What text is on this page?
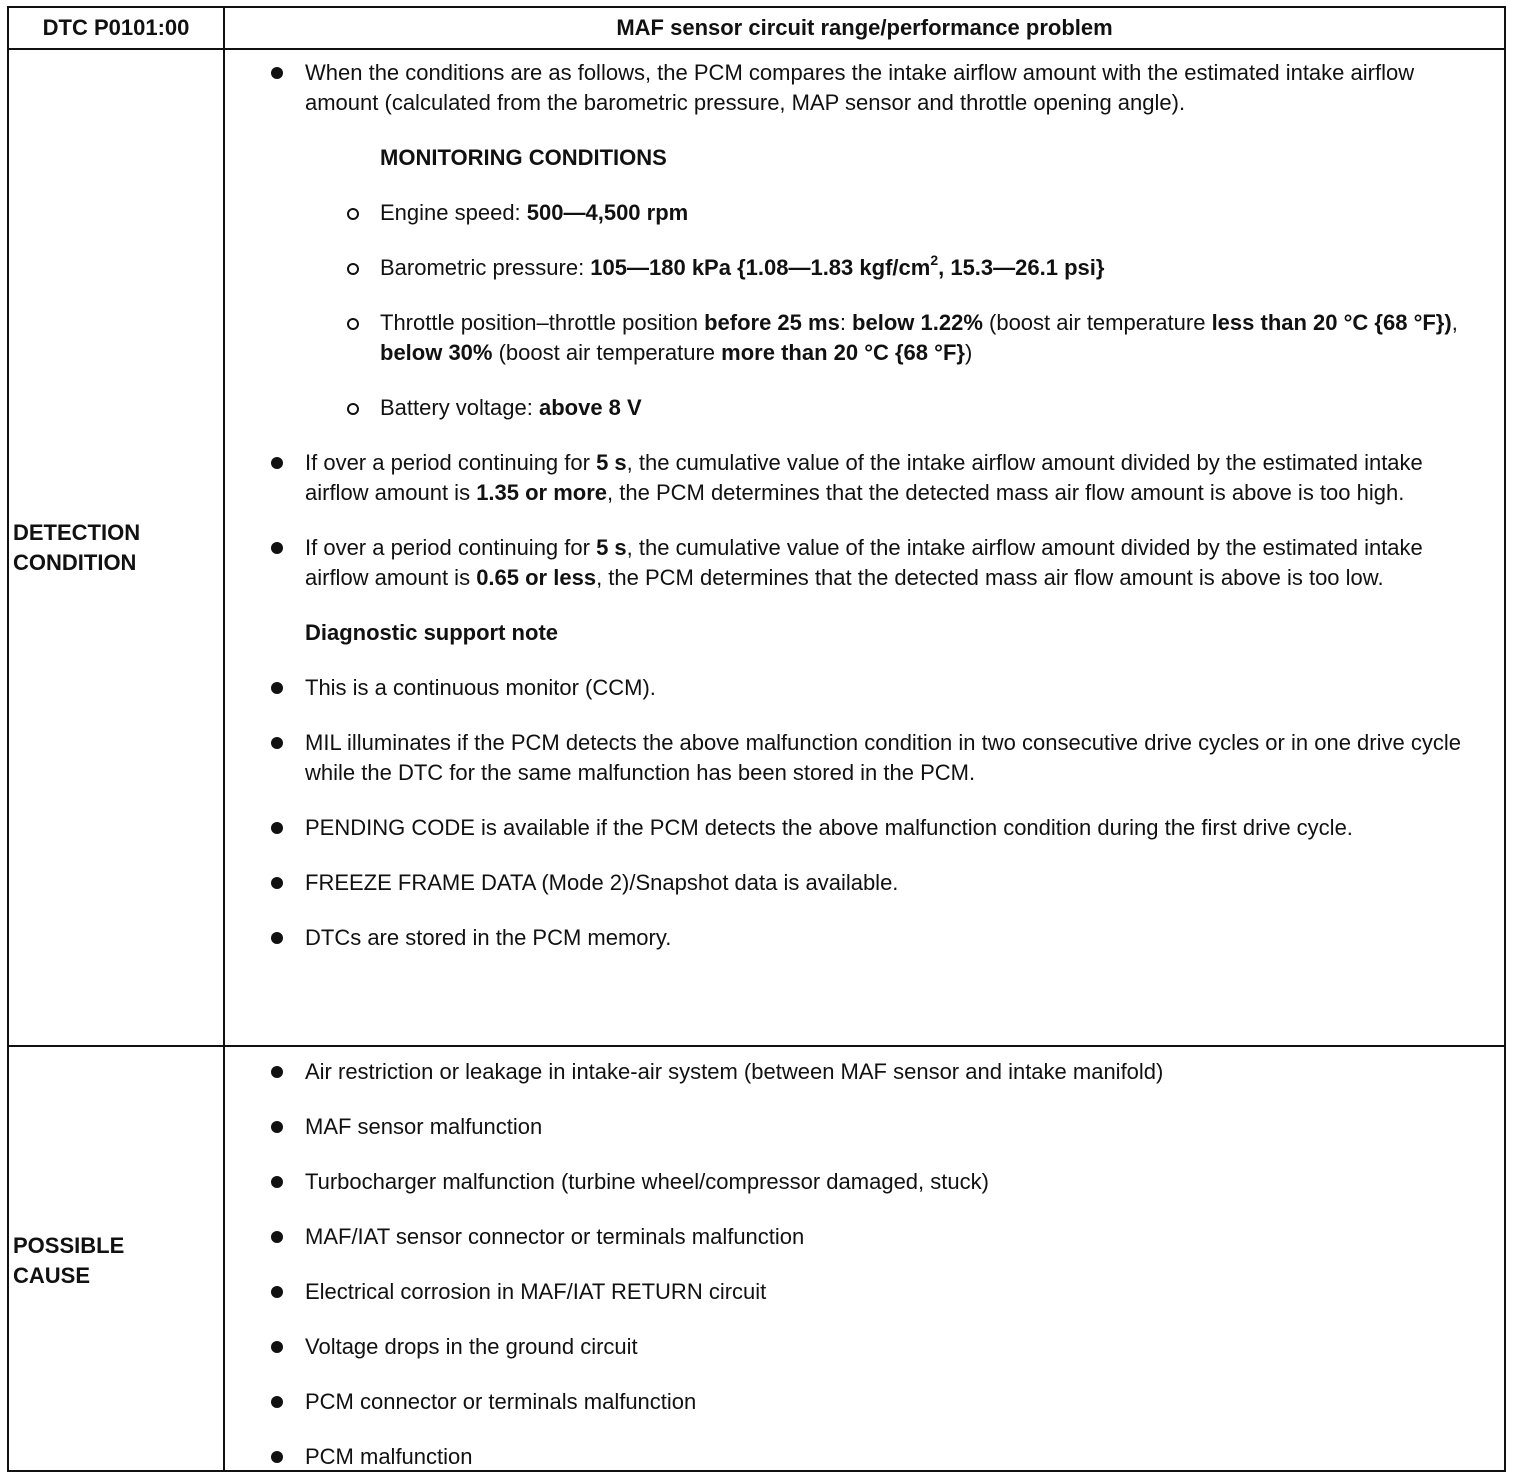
DTC P0101:00	MAF sensor circuit range/performance problem
DETECTION
CONDITION
POSSIBLE
CAUSE
When the conditions are as follows, the PCM compares the intake airflow amount with the estimated intake airflow amount (calculated from the barometric pressure, MAP sensor and throttle opening angle).
MONITORING CONDITIONS
Engine speed: 500—4,500 rpm
Barometric pressure: 105—180 kPa {1.08—1.83 kgf/$cm^2$, 15.3—26.1 psi}
Throttle position–throttle position before 25 ms: below 1.22% (boost air temperature less than 20 °C {68 °F}), below 30% (boost air temperature more than 20 °C {68 °F})
Battery voltage: above 8 V
If over a period continuing for 5 s, the cumulative value of the intake airflow amount divided by the estimated intake airflow amount is 1.35 or more, the PCM determines that the detected mass air flow amount is above is too high.
If over a period continuing for 5 s, the cumulative value of the intake airflow amount divided by the estimated intake airflow amount is 0.65 or less, the PCM determines that the detected mass air flow amount is above is too low.
Diagnostic support note
This is a continuous monitor (CCM).
MIL illuminates if the PCM detects the above malfunction condition in two consecutive drive cycles or in one drive cycle while the DTC for the same malfunction has been stored in the PCM.
PENDING CODE is available if the PCM detects the above malfunction condition during the first drive cycle.
FREEZE FRAME DATA (Mode 2)/Snapshot data is available.
DTCs are stored in the PCM memory.
Air restriction or leakage in intake-air system (between MAF sensor and intake manifold)
MAF sensor malfunction
Turbocharger malfunction (turbine wheel/compressor damaged, stuck)
MAF/IAT sensor connector or terminals malfunction
Electrical corrosion in MAF/IAT RETURN circuit
Voltage drops in the ground circuit
PCM connector or terminals malfunction
PCM malfunction
